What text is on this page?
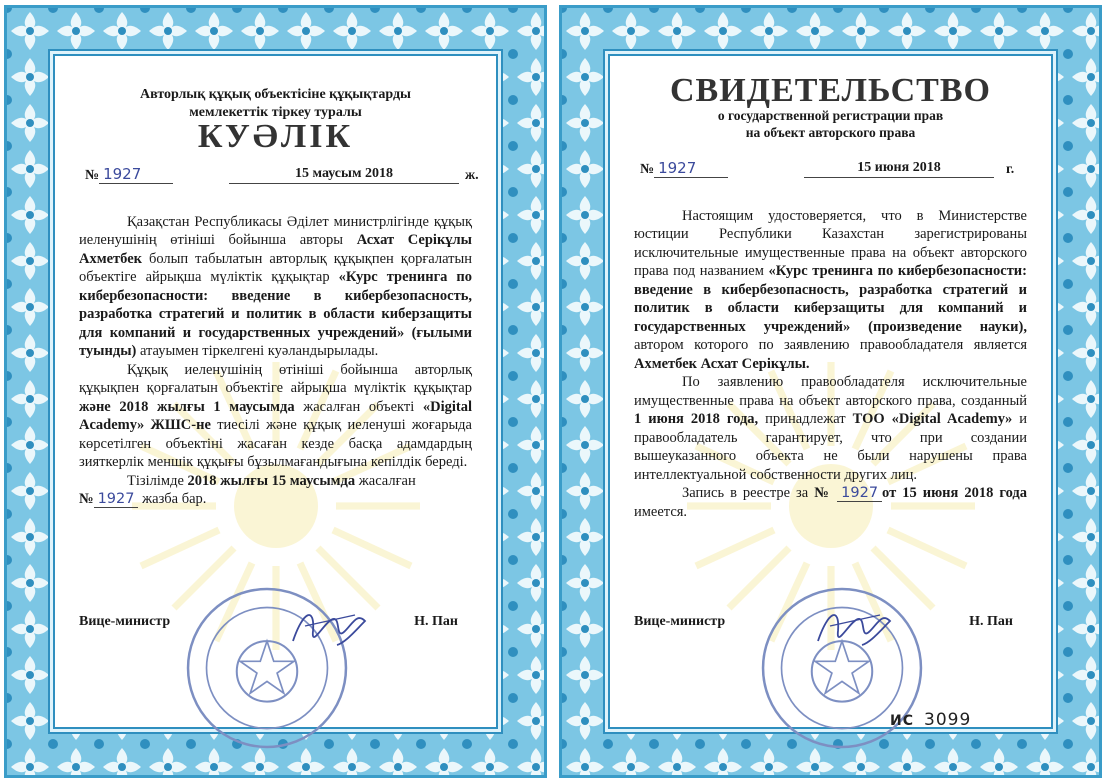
Авторлық құқық объектісіне құқықтарды
мемлекеттік тіркеу туралы
КУӘЛІК
№ 1927	15 маусым 2018	ж.
Қазақстан Республикасы Әділет министрлігінде құқық иеленушінің өтініші бойынша авторы Асхат Серікұлы Ахметбек болып табылатын авторлық құқықпен қорғалатын объектіге айрықша мүліктік құқықтар «Курс тренинга по кибербезопасности: введение в кибербезопасность, разработка стратегий и политик в области киберзащиты для компаний и государственных учреждений» (ғылыми туынды) атауымен тіркелгені куәландырылады.
Құқық иеленушінің өтініші бойынша авторлық құқықпен қорғалатын объектіге айрықша мүліктік құқықтар және 2018 жылғы 1 маусымда жасалған объекті «Digital Academy» ЖШС-не тиесілі және құқық иеленуші жоғарыда көрсетілген объектіні жасаған кезде басқа адамдардың зияткерлік меншік құқығы бұзылмағандығына кепілдік береді.
Тізілімде 2018 жылғы 15 маусымда жасалған
№ 1927 жазба бар.
Вице-министр	Н. Пан
СВИДЕТЕЛЬСТВО
о государственной регистрации прав
на объект авторского права
№ 1927	15 июня 2018	г.
Настоящим удостоверяется, что в Министерстве юстиции Республики Казахстан зарегистрированы исключительные имущественные права на объект авторского права под названием «Курс тренинга по кибербезопасности: введение в кибербезопасность, разработка стратегий и политик в области киберзащиты для компаний и государственных учреждений» (произведение науки), автором которого по заявлению правообладателя является Ахметбек Асхат Серікұлы.
По заявлению правообладателя исключительные имущественные права на объект авторского права, созданный 1 июня 2018 года, принадлежат ТОО «Digital Academy» и правообладатель гарантирует, что при создании вышеуказанного объекта не были нарушены права интеллектуальной собственности других лиц.
Запись в реестре за № 1927 от 15 июня 2018 года имеется.
Вице-министр	Н. Пан
ИС 3099
